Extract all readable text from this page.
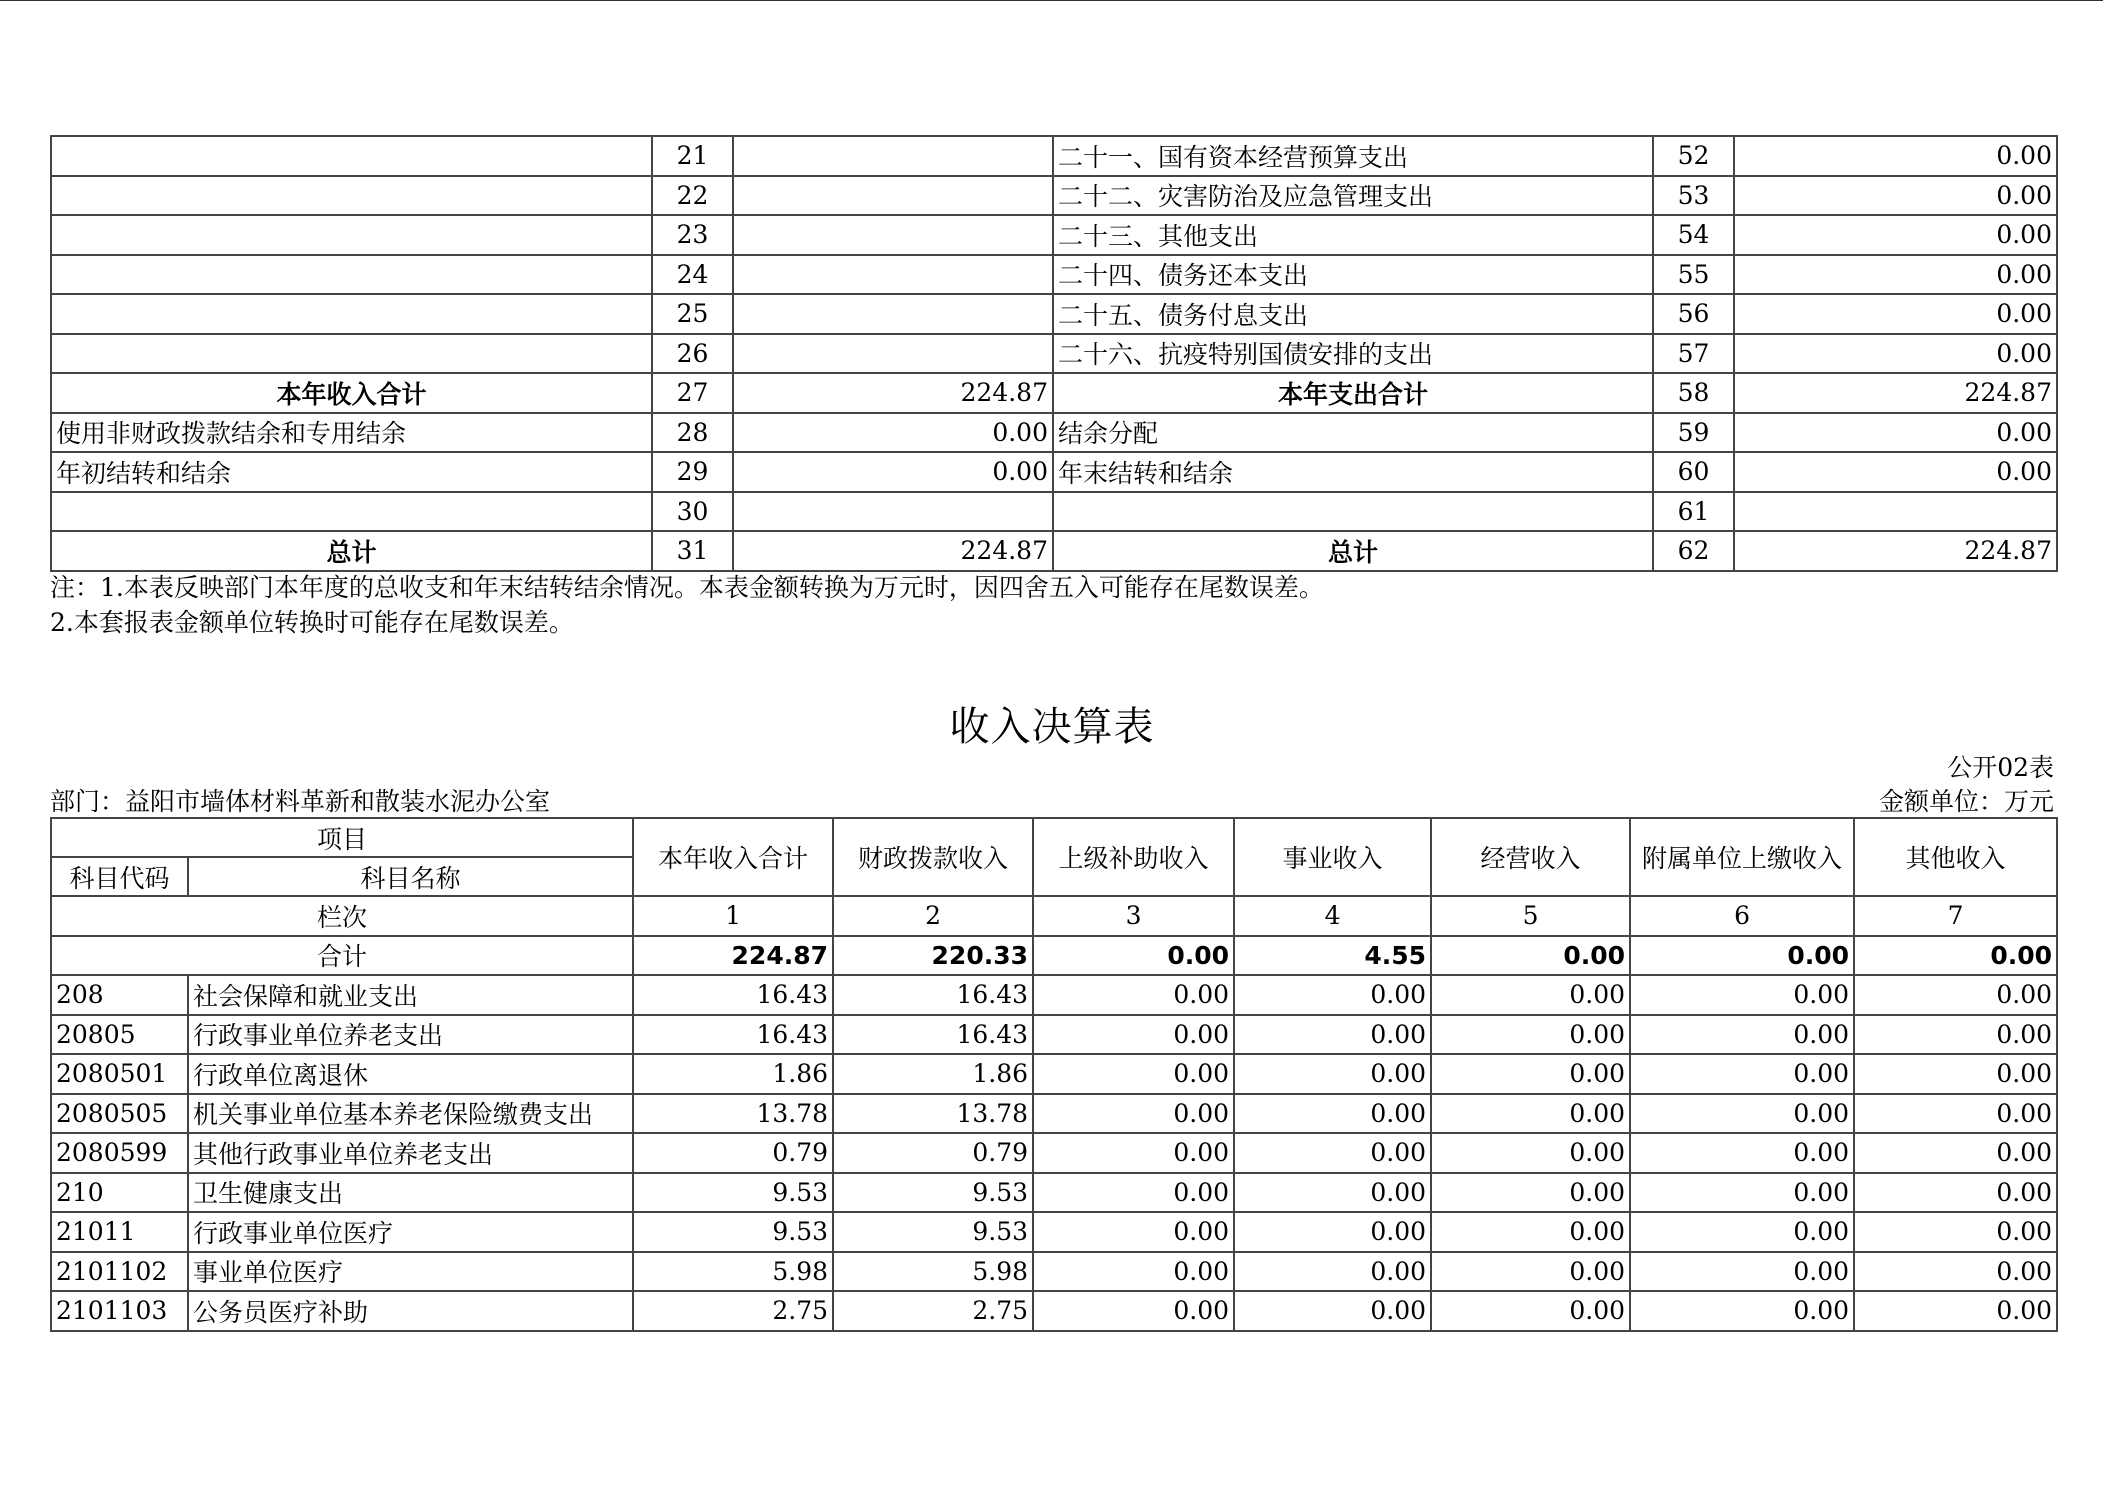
	21		二十一、国有资本经营预算支出	52	0.00
	22		二十二、灾害防治及应急管理支出	53	0.00
	23		二十三、其他支出	54	0.00
	24		二十四、债务还本支出	55	0.00
	25		二十五、债务付息支出	56	0.00
	26		二十六、抗疫特别国债安排的支出	57	0.00
本年收入合计	27	224.87	本年支出合计	58	224.87
使用非财政拨款结余和专用结余	28	0.00	结余分配	59	0.00
年初结转和结余	29	0.00	年末结转和结余	60	0.00
	30			61	
总计	31	224.87	总计	62	224.87
注：1.本表反映部门本年度的总收支和年末结转结余情况。本表金额转换为万元时，因四舍五入可能存在尾数误差。
2.本套报表金额单位转换时可能存在尾数误差。
收入决算表
公开02表
部门：益阳市墙体材料革新和散装水泥办公室	金额单位：万元
项目		本年收入合计	财政拨款收入	上级补助收入	事业收入	经营收入	附属单位上缴收入	其他收入
科目代码	科目名称							
栏次		1	2	3	4	5	6	7
合计		224.87	220.33	0.00	4.55	0.00	0.00	0.00
208	社会保障和就业支出	16.43	16.43	0.00	0.00	0.00	0.00	0.00
20805	行政事业单位养老支出	16.43	16.43	0.00	0.00	0.00	0.00	0.00
2080501	行政单位离退休	1.86	1.86	0.00	0.00	0.00	0.00	0.00
2080505	机关事业单位基本养老保险缴费支出	13.78	13.78	0.00	0.00	0.00	0.00	0.00
2080599	其他行政事业单位养老支出	0.79	0.79	0.00	0.00	0.00	0.00	0.00
210	卫生健康支出	9.53	9.53	0.00	0.00	0.00	0.00	0.00
21011	行政事业单位医疗	9.53	9.53	0.00	0.00	0.00	0.00	0.00
2101102	事业单位医疗	5.98	5.98	0.00	0.00	0.00	0.00	0.00
2101103	公务员医疗补助	2.75	2.75	0.00	0.00	0.00	0.00	0.00
